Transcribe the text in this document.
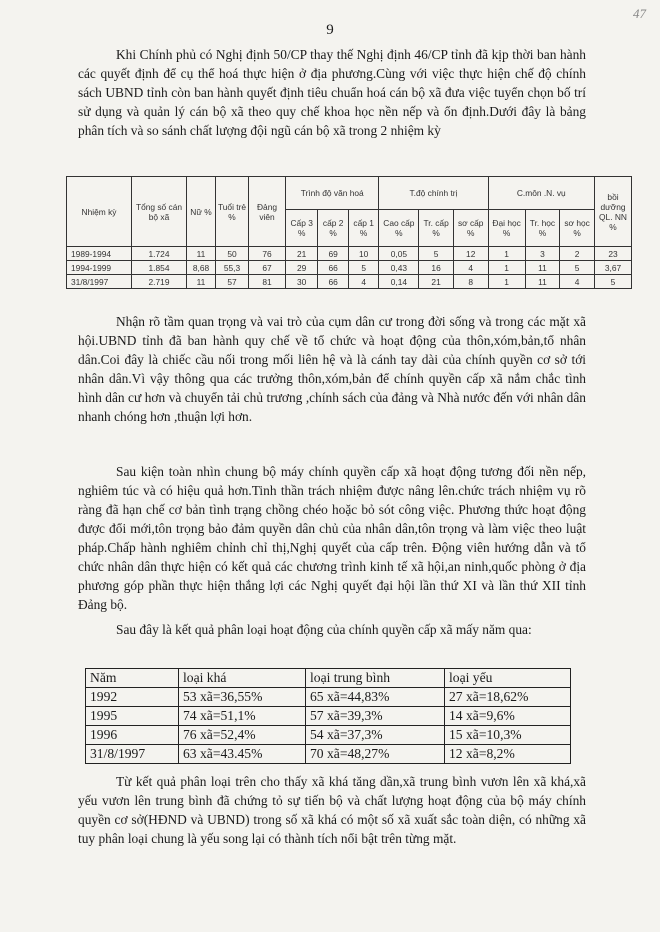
9
47

Khi Chính phủ có Nghị định 50/CP thay thế Nghị định 46/CP tỉnh đã kịp thời ban hành các quyết định để cụ thể hoá thực hiện ở địa phương.Cùng với việc thực hiện chế độ chính sách UBND tỉnh còn ban hành quyết định tiêu chuẩn hoá cán bộ xã đưa việc tuyển chọn bố trí sử dụng và quản lý cán bộ xã theo quy chế khoa học nền nếp và ổn định.Dưới đây là bảng phân tích và so sánh chất lượng đội ngũ cán bộ xã trong 2 nhiệm kỳ

Nhiệm kỳ	Tổng số cán bộ xã	Nữ %	Tuổi trẻ %	Đảng viên	Trình độ văn hoá			T.độ chính trị			C.môn .N. vụ			bồi dưỡng QL. NN %
					Cấp 3 %	cấp 2 %	cấp 1 %	Cao cấp %	Tr. cấp %	sơ cấp %	Đại học %	Tr. học %	sơ học %	
1989-1994	1.724	11	50	76	21	69	10	0,05	5	12	1	3	2	23
1994-1999	1.854	8,68	55,3	67	29	66	5	0,43	16	4	1	11	5	3,67
31/8/1997	2.719	11	57	81	30	66	4	0,14	21	8	1	11	4	5

Nhận rõ tầm quan trọng và vai trò của cụm dân cư trong đời sống và trong các mặt xã hội.UBND tỉnh đã ban hành quy chế về tổ chức và hoạt động của thôn,xóm,bản,tổ nhân dân.Coi đây là chiếc cầu nối trong mối liên hệ và là cánh tay dài của chính quyền cơ sở tới nhân dân.Vì vậy thông qua các trưởng thôn,xóm,bản để chính quyền cấp xã nắm chắc tình hình dân cư hơn và chuyển tải chủ trương ,chính sách của đảng và Nhà nước đến với nhân dân nhanh chóng hơn ,thuận lợi hơn.

Sau kiện toàn nhìn chung bộ máy chính quyền cấp xã hoạt động tương đối nền nếp, nghiêm túc và có hiệu quả hơn.Tinh thần trách nhiệm được nâng lên.chức trách nhiệm vụ rõ ràng đã hạn chế cơ bản tình trạng chồng chéo hoặc bỏ sót công việc. Phương thức hoạt động được đổi mới,tôn trọng bảo đảm quyền dân chủ của nhân dân,tôn trọng và làm việc theo luật pháp.Chấp hành nghiêm chỉnh chỉ thị,Nghị quyết của cấp trên. Động viên hướng dẫn và tổ chức nhân dân thực hiện có kết quả các chương trình kinh tế xã hội,an ninh,quốc phòng ở địa phương góp phần thực hiện thắng lợi các Nghị quyết đại hội lần thứ XI và lần thứ XII tỉnh Đảng bộ.

Sau đây là kết quả phân loại hoạt động của chính quyền cấp xã mấy năm qua:

Năm	loại khá	loại trung bình	loại yếu
1992	53 xã=36,55%	65 xã=44,83%	27 xã=18,62%
1995	74 xã=51,1%	57 xã=39,3%	14 xã=9,6%
1996	76 xã=52,4%	54 xã=37,3%	15 xã=10,3%
31/8/1997	63 xã=43.45%	70 xã=48,27%	12 xã=8,2%

Từ kết quả phân loại trên cho thấy xã khá tăng dần,xã trung bình vươn lên xã khá,xã yếu vươn lên trung bình đã chứng tỏ sự tiến bộ và chất lượng hoạt động của bộ máy chính quyền cơ sở(HĐND và UBND) trong số xã khá có một số xã xuất sắc toàn diện, có những xã tuy phân loại chung là yếu song lại có thành tích nổi bật trên từng mặt.
